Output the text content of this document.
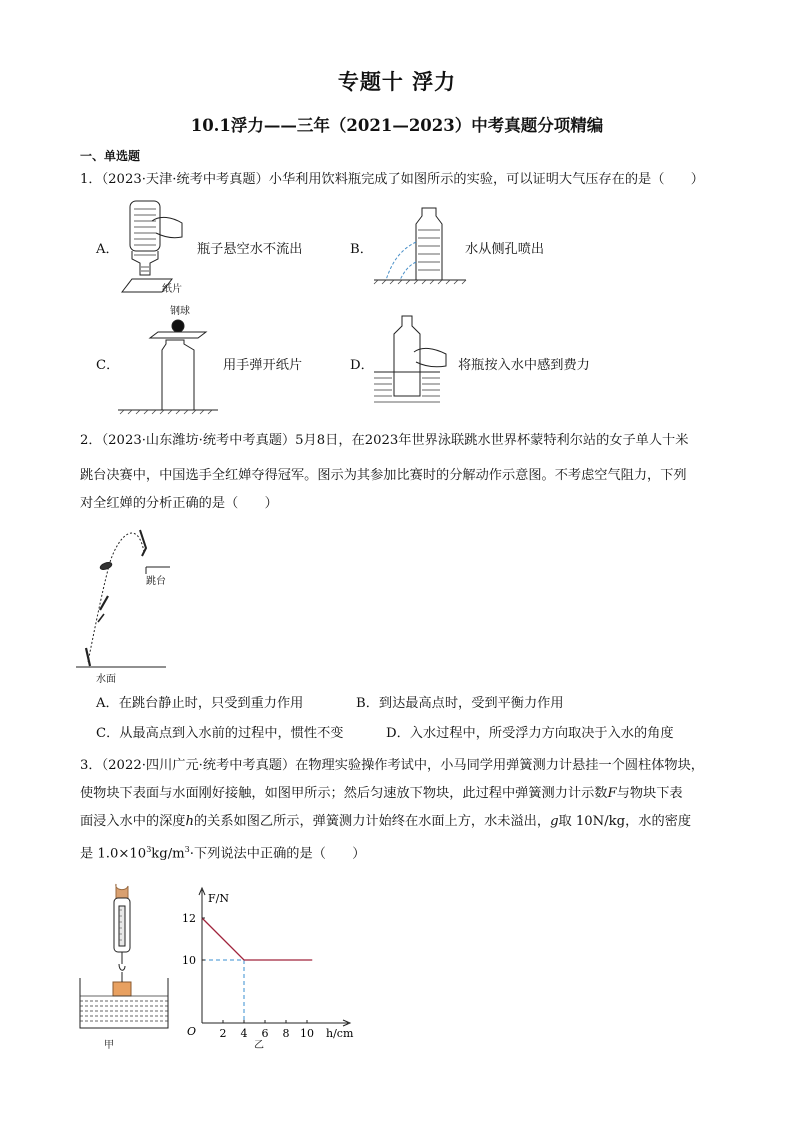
专题十 浮力
10.1浮力——三年（2021—2023）中考真题分项精编
一、单选题
1．（2023·天津·统考中考真题）小华利用饮料瓶完成了如图所示的实验，可以证明大气压存在的是（　　）
A．	瓶子悬空水不流出	B．	水从侧孔喷出
C．	用手弹开纸片	D．	将瓶按入水中感到费力
纸片
钢球
2．（2023·山东潍坊·统考中考真题）5月8日，在2023年世界泳联跳水世界杯蒙特利尔站的女子单人十米
跳台决赛中，中国选手全红婵夺得冠军。图示为其参加比赛时的分解动作示意图。不考虑空气阻力，下列
对全红婵的分析正确的是（　　）
跳台
水面
A．在跳台静止时，只受到重力作用	B．到达最高点时，受到平衡力作用
C．从最高点到入水前的过程中，惯性不变	D．入水过程中，所受浮力方向取决于入水的角度
3．（2022·四川广元·统考中考真题）在物理实验操作考试中，小马同学用弹簧测力计悬挂一个圆柱体物块，
使物块下表面与水面刚好接触，如图甲所示；然后匀速放下物块，此过程中弹簧测力计示数F与物块下表
面浸入水中的深度h的关系如图乙所示，弹簧测力计始终在水面上方，水未溢出，g取 10N/kg，水的密度
是 $1.0\times 10^3kg/m^3\cdot$下列说法中正确的是（　　）
甲
2 4 6 8 10
10
12
O
F/N
h/cm
乙
